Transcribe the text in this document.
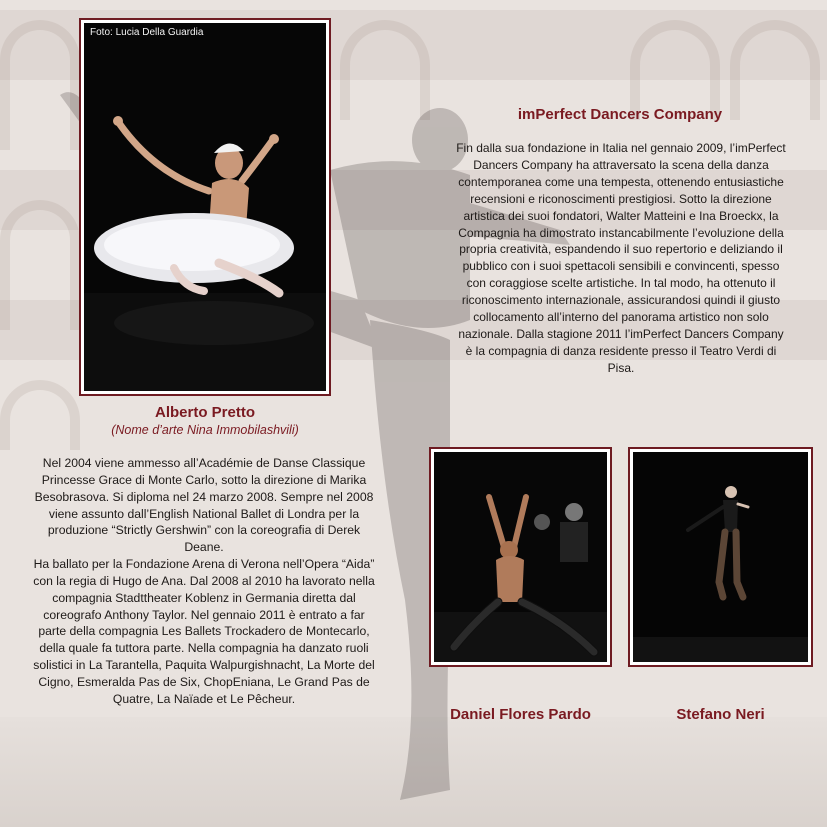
Foto: Lucia Della Guardia
Alberto Pretto
(Nome d’arte Nina Immobilashvili)
imPerfect Dancers Company
Fin dalla sua fondazione in Italia nel gennaio 2009, l’imPerfect Dancers Company ha attraversato la scena della danza contemporanea come una tempesta, ottenendo entusiastiche recensioni e riconoscimenti prestigiosi. Sotto la direzione artistica dei suoi fondatori, Walter Matteini e Ina Broeckx, la Compagnia ha dimostrato instancabilmente l’evoluzione della propria creatività, espandendo il suo repertorio e deliziando il pubblico con i suoi spettacoli sensibili e convincenti, spesso con coraggiose scelte artistiche. In tal modo, ha ottenuto il riconoscimento internazionale, assicurandosi quindi il giusto collocamento all’interno del panorama artistico non solo nazionale. Dalla stagione 2011 l’imPerfect Dancers Company è la compagnia di danza residente presso il Teatro Verdi di Pisa.

Nel 2004 viene ammesso all’Académie de Danse Classique Princesse Grace di Monte Carlo, sotto la direzione di Marika Besobrasova. Si diploma nel 24 marzo 2008. Sempre nel 2008 viene assunto dall’English National Ballet di Londra per la produzione “Strictly Gershwin” con la coreografia di Derek Deane.

Ha ballato per la Fondazione Arena di Verona nell’Opera “Aida” con la regia di Hugo de Ana. Dal 2008 al 2010 ha lavorato nella compagnia Stadttheater Koblenz in Germania diretta dal coreografo Anthony Taylor. Nel gennaio 2011 è entrato a far parte della compagnia Les Ballets Trockadero de Montecarlo, della quale fa tuttora parte. Nella compagnia ha danzato ruoli solistici in La Tarantella, Paquita Walpurgishnacht, La Morte del Cigno, Esmeralda Pas de Six, ChopEniana, Le Grand Pas de Quatre, La Naïade et Le Pêcheur.

Daniel Flores Pardo	Stefano Neri
